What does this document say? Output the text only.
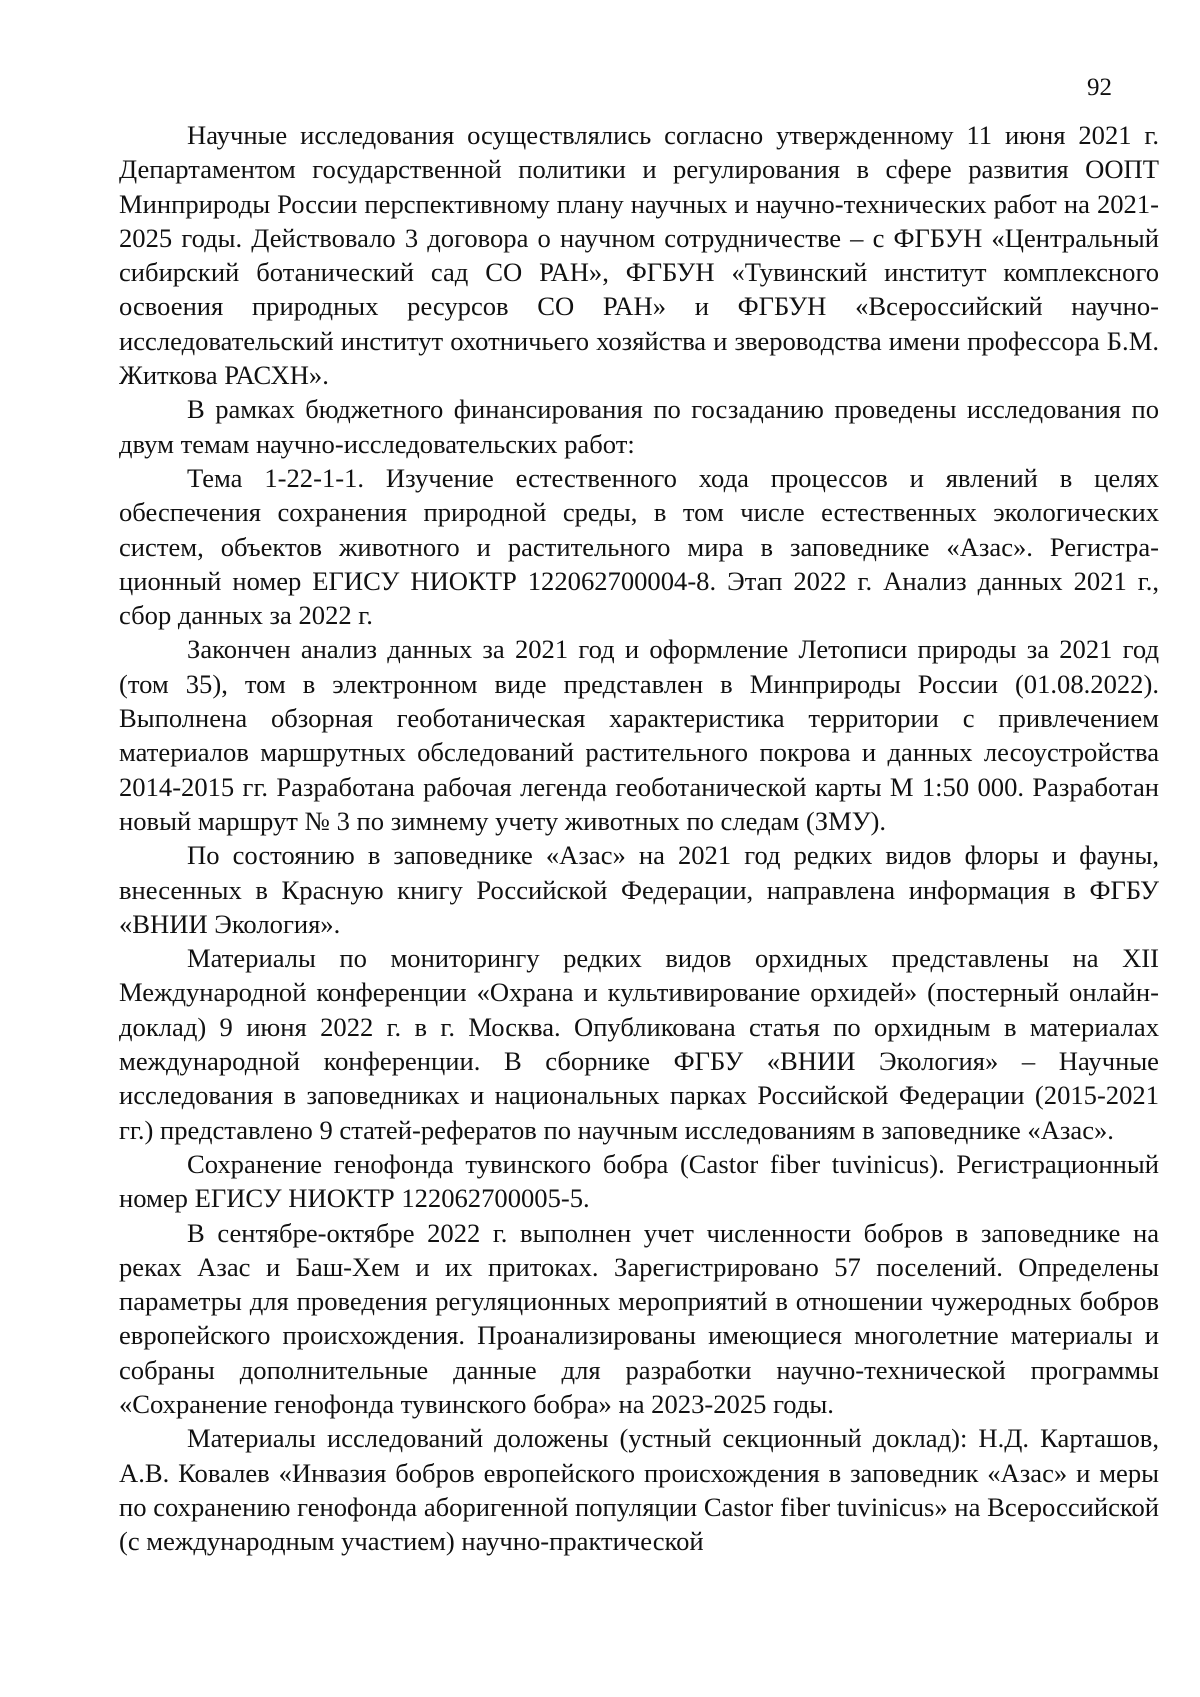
92

Научные исследования осуществлялись согласно утвержденному 11 июня 2021 г. Департаментом государственной политики и регулирования в сфере развития ООПТ Минприроды России перспективному плану научных и научно-технических работ на 2021-2025 годы. Действовало 3 договора о научном сотрудничестве – с ФГБУН «Центральный сибирский ботанический сад СО РАН», ФГБУН «Тувинский институт комплексного освоения природных ресурсов СО РАН» и ФГБУН «Всероссийский научно-исследовательский институт охотничьего хозяйства и звероводства имени профессора Б.М. Житкова РАСХН».

В рамках бюджетного финансирования по госзаданию проведены исследования по двум темам научно-исследовательских работ:

Тема 1-22-1-1. Изучение естественного хода процессов и явлений в целях обеспечения сохранения природной среды, в том числе естественных экологических систем, объектов животного и растительного мира в заповеднике «Азас». Регистрационный номер ЕГИСУ НИОКТР 122062700004-8. Этап 2022 г. Анализ данных 2021 г., сбор данных за 2022 г.

Закончен анализ данных за 2021 год и оформление Летописи природы за 2021 год (том 35), том в электронном виде представлен в Минприроды России (01.08.2022). Выполнена обзорная геоботаническая характеристика территории с привлечением материалов маршрутных обследований растительного покрова и данных лесоустройства 2014-2015 гг. Разработана рабочая легенда геоботанической карты М 1:50 000. Разработан новый маршрут № 3 по зимнему учету животных по следам (ЗМУ).

По состоянию в заповеднике «Азас» на 2021 год редких видов флоры и фауны, внесенных в Красную книгу Российской Федерации, направлена информация в ФГБУ «ВНИИ Экология».

Материалы по мониторингу редких видов орхидных представлены на XII Международной конференции «Охрана и культивирование орхидей» (постерный онлайн-доклад) 9 июня 2022 г. в г. Москва. Опубликована статья по орхидным в материалах международной конференции. В сборнике ФГБУ «ВНИИ Экология» – Научные исследования в заповедниках и национальных парках Российской Федерации (2015-2021 гг.) представлено 9 статей-рефератов по научным исследованиям в заповеднике «Азас».

Сохранение генофонда тувинского бобра (Castor fiber tuvinicus). Регистрационный номер ЕГИСУ НИОКТР 122062700005-5.

В сентябре-октябре 2022 г. выполнен учет численности бобров в заповеднике на реках Азас и Баш-Хем и их притоках. Зарегистрировано 57 поселений. Определены параметры для проведения регуляционных мероприятий в отношении чужеродных бобров европейского происхождения. Проанализированы имеющиеся многолетние материалы и собраны дополнительные данные для разработки научно-технической программы «Сохранение генофонда тувинского бобра» на 2023-2025 годы.

Материалы исследований доложены (устный секционный доклад): Н.Д. Карташов, А.В. Ковалев «Инвазия бобров европейского происхождения в заповедник «Азас» и меры по сохранению генофонда аборигенной популяции Castor fiber tuvinicus» на Всероссийской (с международным участием) научно-практической
